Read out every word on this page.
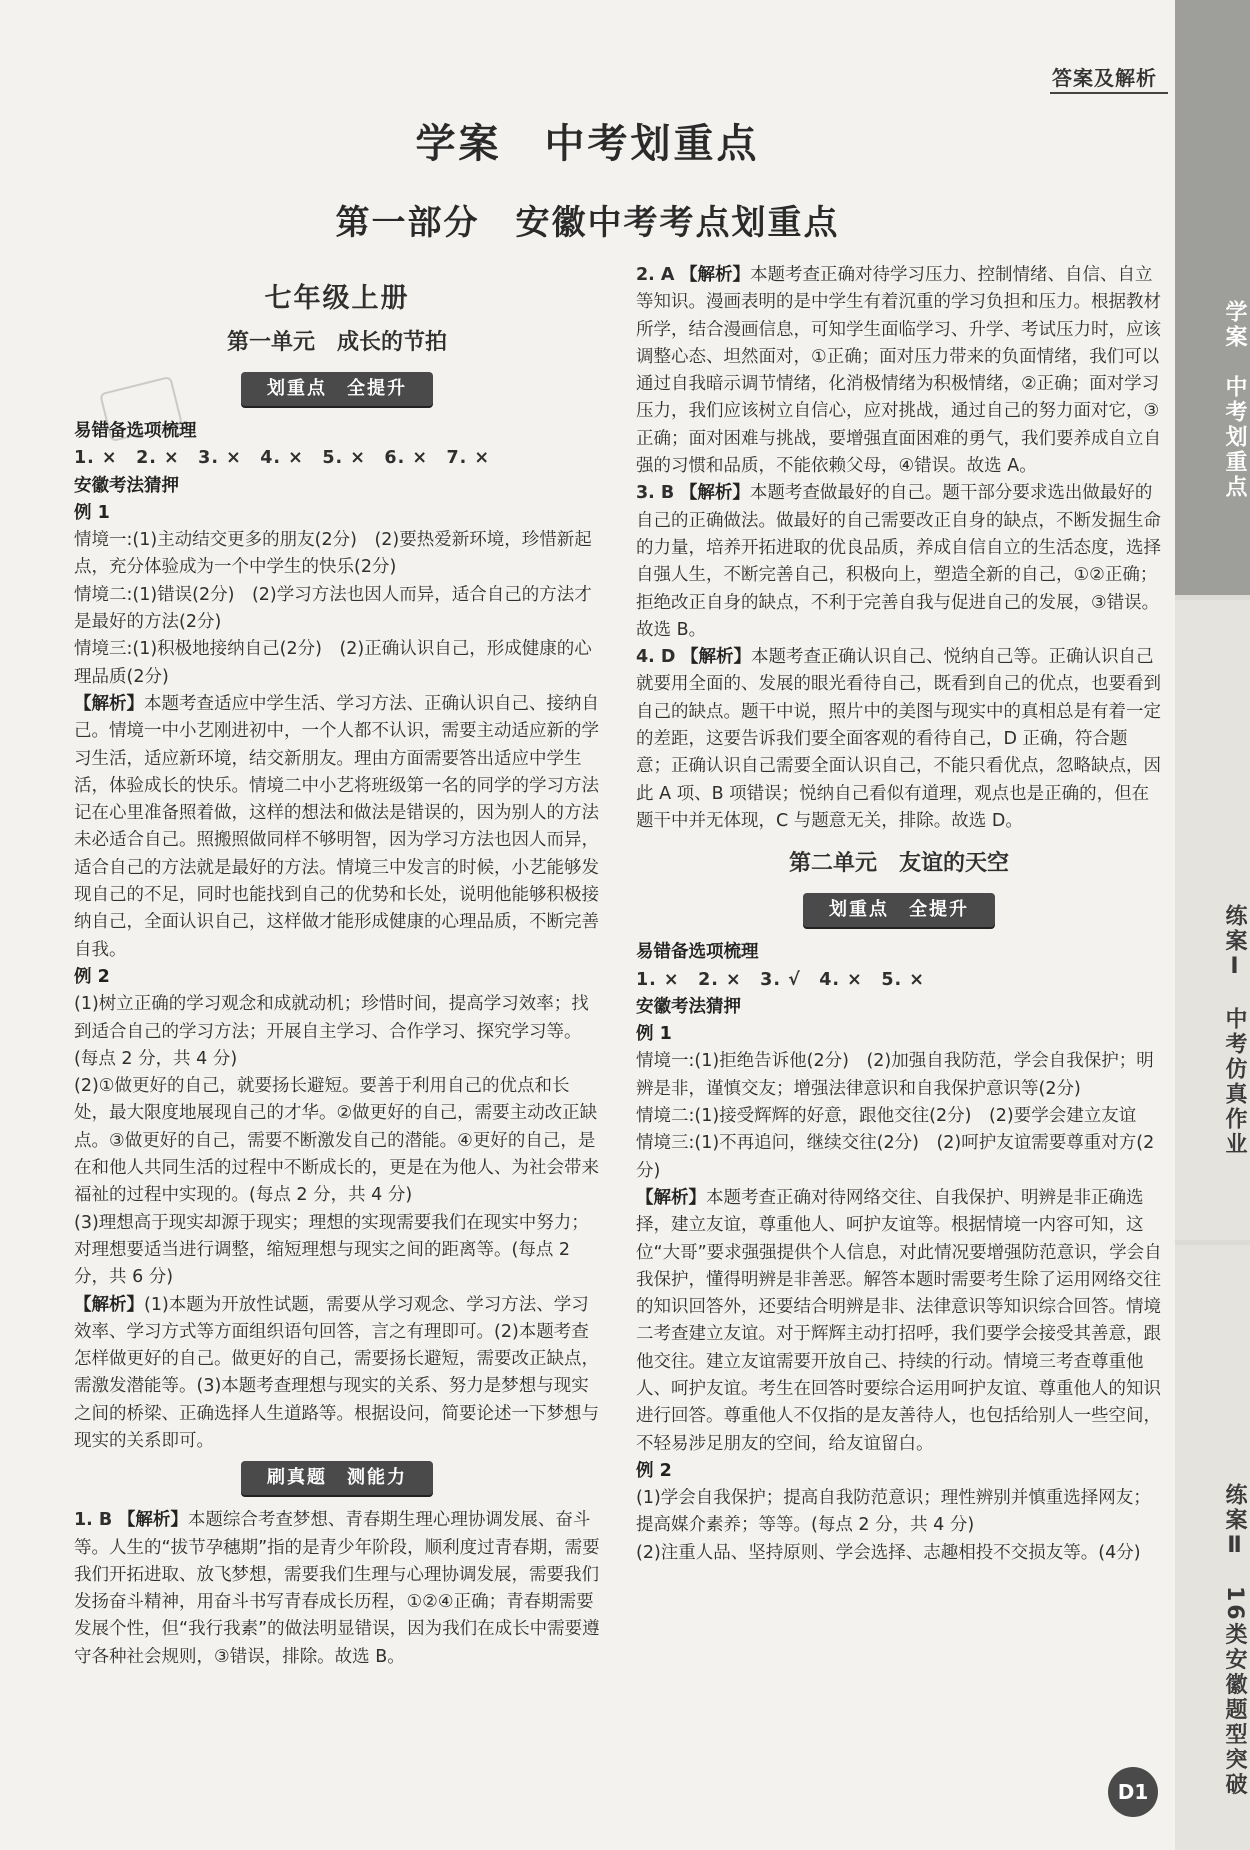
答案及解析
学案　中考划重点
第一部分　安徽中考考点划重点
七年级上册
第一单元　成长的节拍
划重点　全提升

易错备选项梳理

1. ×　2. ×　3. ×　4. ×　5. ×　6. ×　7. ×

安徽考法猜押

例 1

情境一:(1)主动结交更多的朋友(2分)　(2)要热爱新环境，珍惜新起点，充分体验成为一个中学生的快乐(2分)

情境二:(1)错误(2分)　(2)学习方法也因人而异，适合自己的方法才是最好的方法(2分)

情境三:(1)积极地接纳自己(2分)　(2)正确认识自己，形成健康的心理品质(2分)

【解析】本题考查适应中学生活、学习方法、正确认识自己、接纳自己。情境一中小艺刚进初中，一个人都不认识，需要主动适应新的学习生活，适应新环境，结交新朋友。理由方面需要答出适应中学生活，体验成长的快乐。情境二中小艺将班级第一名的同学的学习方法记在心里准备照着做，这样的想法和做法是错误的，因为别人的方法未必适合自己。照搬照做同样不够明智，因为学习方法也因人而异，适合自己的方法就是最好的方法。情境三中发言的时候，小艺能够发现自己的不足，同时也能找到自己的优势和长处，说明他能够积极接纳自己，全面认识自己，这样做才能形成健康的心理品质，不断完善自我。

例 2

(1)树立正确的学习观念和成就动机；珍惜时间，提高学习效率；找到适合自己的学习方法；开展自主学习、合作学习、探究学习等。(每点 2 分，共 4 分)

(2)①做更好的自己，就要扬长避短。要善于利用自己的优点和长处，最大限度地展现自己的才华。②做更好的自己，需要主动改正缺点。③做更好的自己，需要不断激发自己的潜能。④更好的自己，是在和他人共同生活的过程中不断成长的，更是在为他人、为社会带来福祉的过程中实现的。(每点 2 分，共 4 分)

(3)理想高于现实却源于现实；理想的实现需要我们在现实中努力；对理想要适当进行调整，缩短理想与现实之间的距离等。(每点 2 分，共 6 分)

【解析】(1)本题为开放性试题，需要从学习观念、学习方法、学习效率、学习方式等方面组织语句回答，言之有理即可。(2)本题考查怎样做更好的自己。做更好的自己，需要扬长避短，需要改正缺点，需激发潜能等。(3)本题考查理想与现实的关系、努力是梦想与现实之间的桥梁、正确选择人生道路等。根据设问，简要论述一下梦想与现实的关系即可。

刷真题　测能力

1. B 【解析】本题综合考查梦想、青春期生理心理协调发展、奋斗等。人生的“拔节孕穗期”指的是青少年阶段，顺利度过青春期，需要我们开拓进取、放飞梦想，需要我们生理与心理协调发展，需要我们发扬奋斗精神，用奋斗书写青春成长历程，①②④正确；青春期需要发展个性，但“我行我素”的做法明显错误，因为我们在成长中需要遵守各种社会规则，③错误，排除。故选 B。

2. A 【解析】本题考查正确对待学习压力、控制情绪、自信、自立等知识。漫画表明的是中学生有着沉重的学习负担和压力。根据教材所学，结合漫画信息，可知学生面临学习、升学、考试压力时，应该调整心态、坦然面对，①正确；面对压力带来的负面情绪，我们可以通过自我暗示调节情绪，化消极情绪为积极情绪，②正确；面对学习压力，我们应该树立自信心，应对挑战，通过自己的努力面对它，③正确；面对困难与挑战，要增强直面困难的勇气，我们要养成自立自强的习惯和品质，不能依赖父母，④错误。故选 A。

3. B 【解析】本题考查做最好的自己。题干部分要求选出做最好的自己的正确做法。做最好的自己需要改正自身的缺点，不断发掘生命的力量，培养开拓进取的优良品质，养成自信自立的生活态度，选择自强人生，不断完善自己，积极向上，塑造全新的自己，①②正确；拒绝改正自身的缺点，不利于完善自我与促进自己的发展，③错误。故选 B。

4. D 【解析】本题考查正确认识自己、悦纳自己等。正确认识自己就要用全面的、发展的眼光看待自己，既看到自己的优点，也要看到自己的缺点。题干中说，照片中的美图与现实中的真相总是有着一定的差距，这要告诉我们要全面客观的看待自己，D 正确，符合题意；正确认识自己需要全面认识自己，不能只看优点，忽略缺点，因此 A 项、B 项错误；悦纳自己看似有道理，观点也是正确的，但在题干中并无体现，C 与题意无关，排除。故选 D。

第二单元　友谊的天空
划重点　全提升

易错备选项梳理

1. ×　2. ×　3. √　4. ×　5. ×

安徽考法猜押

例 1

情境一:(1)拒绝告诉他(2分)　(2)加强自我防范，学会自我保护；明辨是非，谨慎交友；增强法律意识和自我保护意识等(2分)

情境二:(1)接受辉辉的好意，跟他交往(2分)　(2)要学会建立友谊

情境三:(1)不再追问，继续交往(2分)　(2)呵护友谊需要尊重对方(2分)

【解析】本题考查正确对待网络交往、自我保护、明辨是非正确选择，建立友谊，尊重他人、呵护友谊等。根据情境一内容可知，这位“大哥”要求强强提供个人信息，对此情况要增强防范意识，学会自我保护，懂得明辨是非善恶。解答本题时需要考生除了运用网络交往的知识回答外，还要结合明辨是非、法律意识等知识综合回答。情境二考查建立友谊。对于辉辉主动打招呼，我们要学会接受其善意，跟他交往。建立友谊需要开放自己、持续的行动。情境三考查尊重他人、呵护友谊。考生在回答时要综合运用呵护友谊、尊重他人的知识进行回答。尊重他人不仅指的是友善待人，也包括给别人一些空间，不轻易涉足朋友的空间，给友谊留白。

例 2

(1)学会自我保护；提高自我防范意识；理性辨别并慎重选择网友；提高媒介素养；等等。(每点 2 分，共 4 分)

(2)注重人品、坚持原则、学会选择、志趣相投不交损友等。(4分)

D1
学案　中考划重点
练案Ⅰ　中考仿真作业
练案Ⅱ　16类安徽题型突破
